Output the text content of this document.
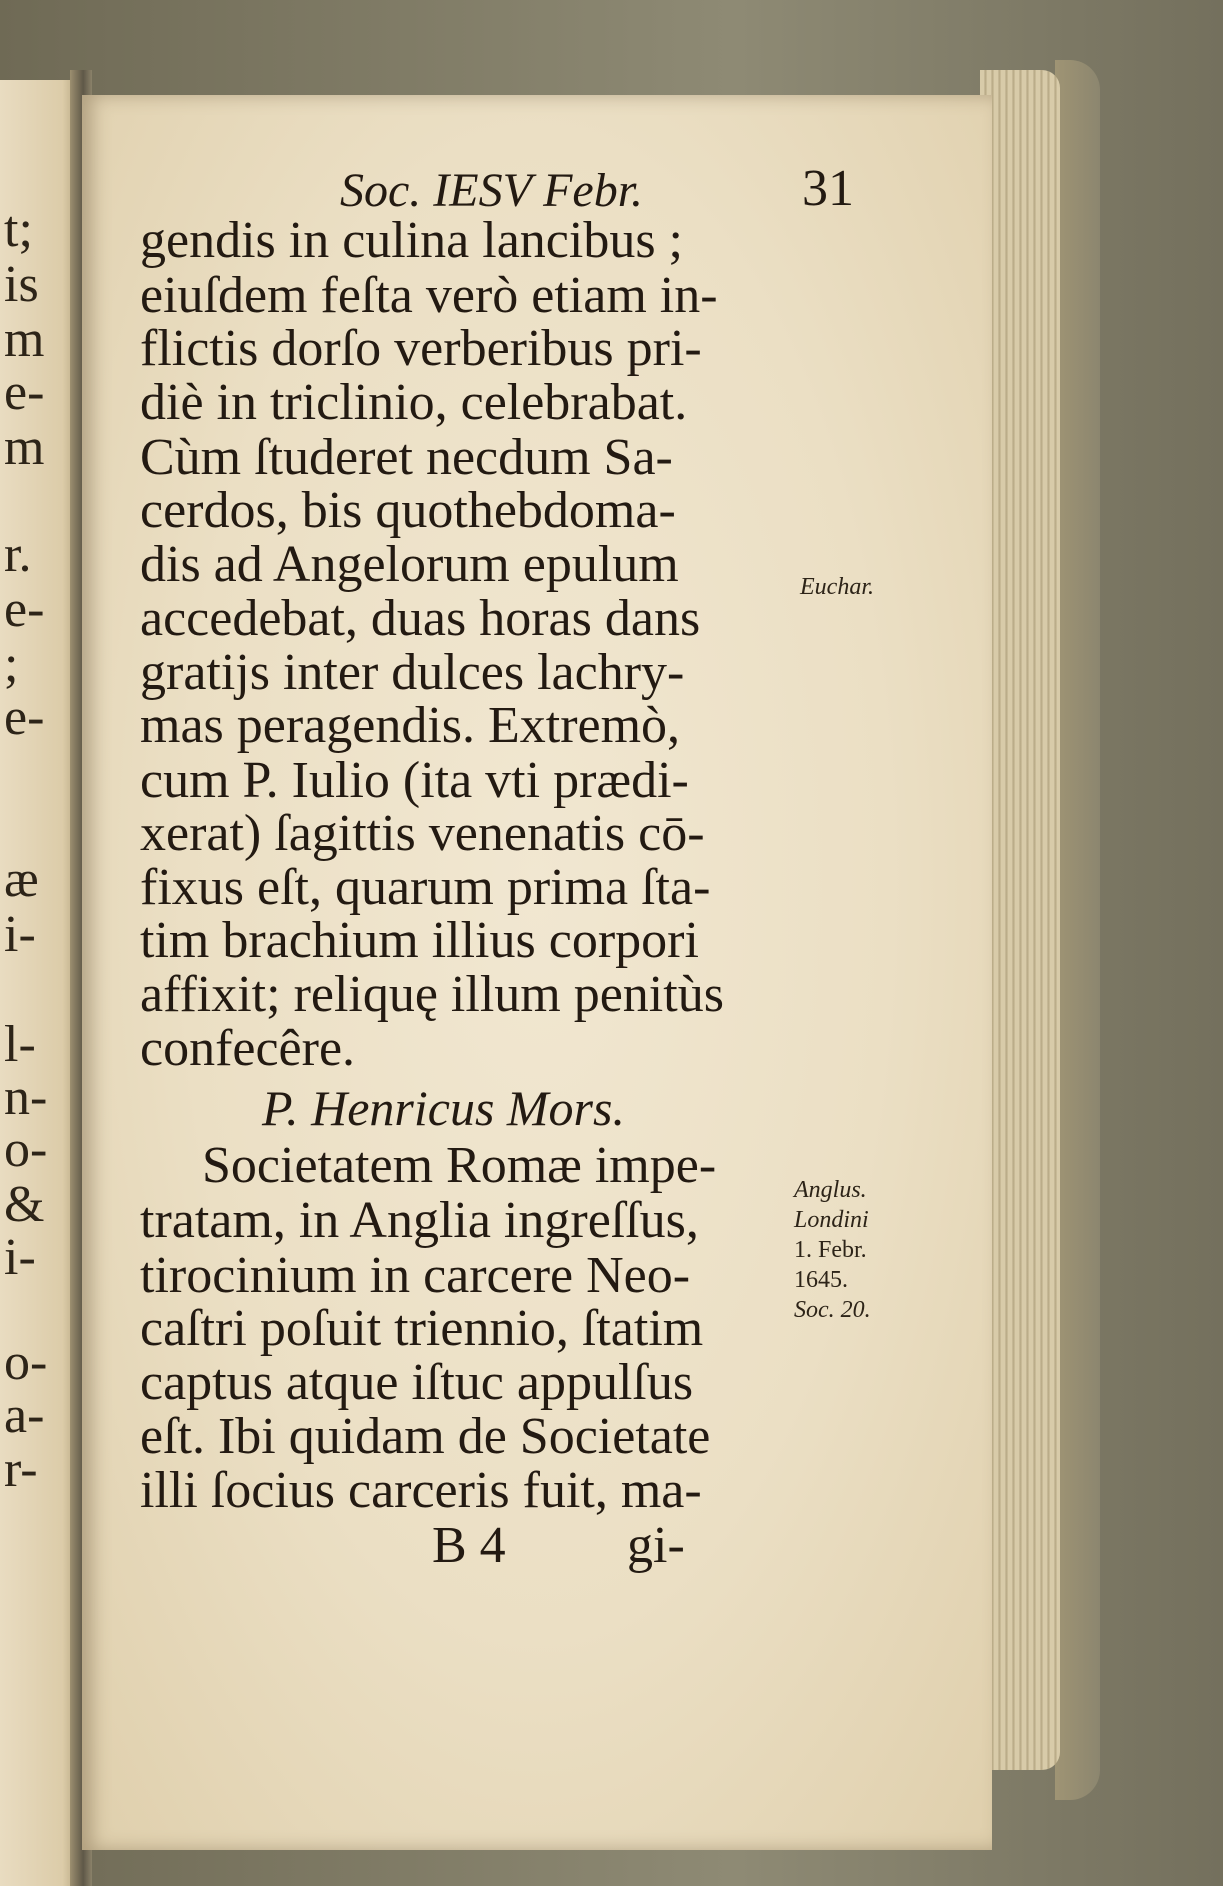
t;
is
m
e-
m
r.
e-
;
e-
æ
i-
l-
n-
o-
&
i-
o-
a-
r-
Soc. IESV Febr.	31
gendis in culina lancibus ;
eiuſdem feſta verò etiam in-
flictis dorſo verberibus pri-
diè in triclinio, celebrabat.
Cùm ſtuderet necdum Sa-
cerdos, bis quothebdoma-
dis ad Angelorum epulum
accedebat, duas horas dans
gratijs inter dulces lachry-
mas peragendis. Extremò,
cum P. Iulio (ita vti prædi-
xerat) ſagittis venenatis cō-
fixus eſt, quarum prima ſta-
tim brachium illius corpori
affixit; reliquę illum penitùs
confecêre.
P. Henricus Mors.
Societatem Romæ impe-
tratam, in Anglia ingreſſus,
tirocinium in carcere Neo-
caſtri poſuit triennio, ſtatim
captus atque iſtuc appulſus
eſt. Ibi quidam de Societate
illi ſocius carceris fuit, ma-
B 4 gi-
Euchar.
Anglus.
Londini
1. Febr.
1645.
Soc. 20.
